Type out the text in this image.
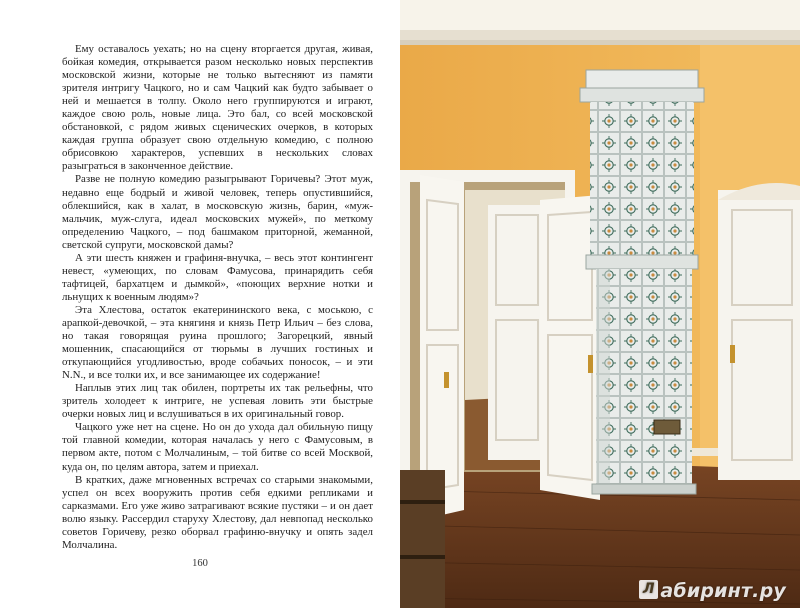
Ему оставалось уехать; но на сцену вторгается другая, живая, бойкая комедия, открывается разом несколько новых перспектив московской жизни, которые не только вытесняют из памяти зрителя интригу Чацкого, но и сам Чацкий как будто забывает о ней и мешается в толпу. Около него группируются и играют, каждое свою роль, новые лица. Это бал, со всей московской обстановкой, с рядом живых сценических очерков, в которых каждая группа образует свою отдельную комедию, с полною обрисовкою характеров, успевших в нескольких словах разыграться в законченное действие.

Разве не полную комедию разыгрывают Горичевы? Этот муж, недавно еще бодрый и живой человек, теперь опустившийся, облекшийся, как в халат, в московскую жизнь, барин, «муж-мальчик, муж-слуга, идеал московских мужей», по меткому определению Чацкого, – под башмаком приторной, жеманной, светской супруги, московской дамы?

А эти шесть княжен и графиня-внучка, – весь этот контингент невест, «умеющих, по словам Фамусова, принарядить себя тафтицей, бархатцем и дымкой», «поющих верхние нотки и льнущих к военным людям»?

Эта Хлестова, остаток екатерининского века, с моською, с арапкой-девочкой, – эта княгиня и князь Петр Ильич – без слова, но такая говорящая руина прошлого; Загорецкий, явный мошенник, спасающийся от тюрьмы в лучших гостиных и откупающийся угодливостью, вроде собачьих поносок, – и эти N.N., и все толки их, и все занимающее их содержание!

Наплыв этих лиц так обилен, портреты их так рельефны, что зритель холодеет к интриге, не успевая ловить эти быстрые очерки новых лиц и вслушиваться в их оригинальный говор.

Чацкого уже нет на сцене. Но он до ухода дал обильную пищу той главной комедии, которая началась у него с Фамусовым, в первом акте, потом с Молчалиным, – той битве со всей Москвой, куда он, по целям автора, затем и приехал.

В кратких, даже мгновенных встречах со старыми знакомыми, успел он всех вооружить против себя едкими репликами и сарказмами. Его уже живо затрагивают всякие пустяки – и он дает волю языку. Рассердил старуху Хлестову, дал невпопад несколько советов Горичеву, резко оборвал графиню-внучку и опять задел Молчалина.

160
Л абиринт.ру
